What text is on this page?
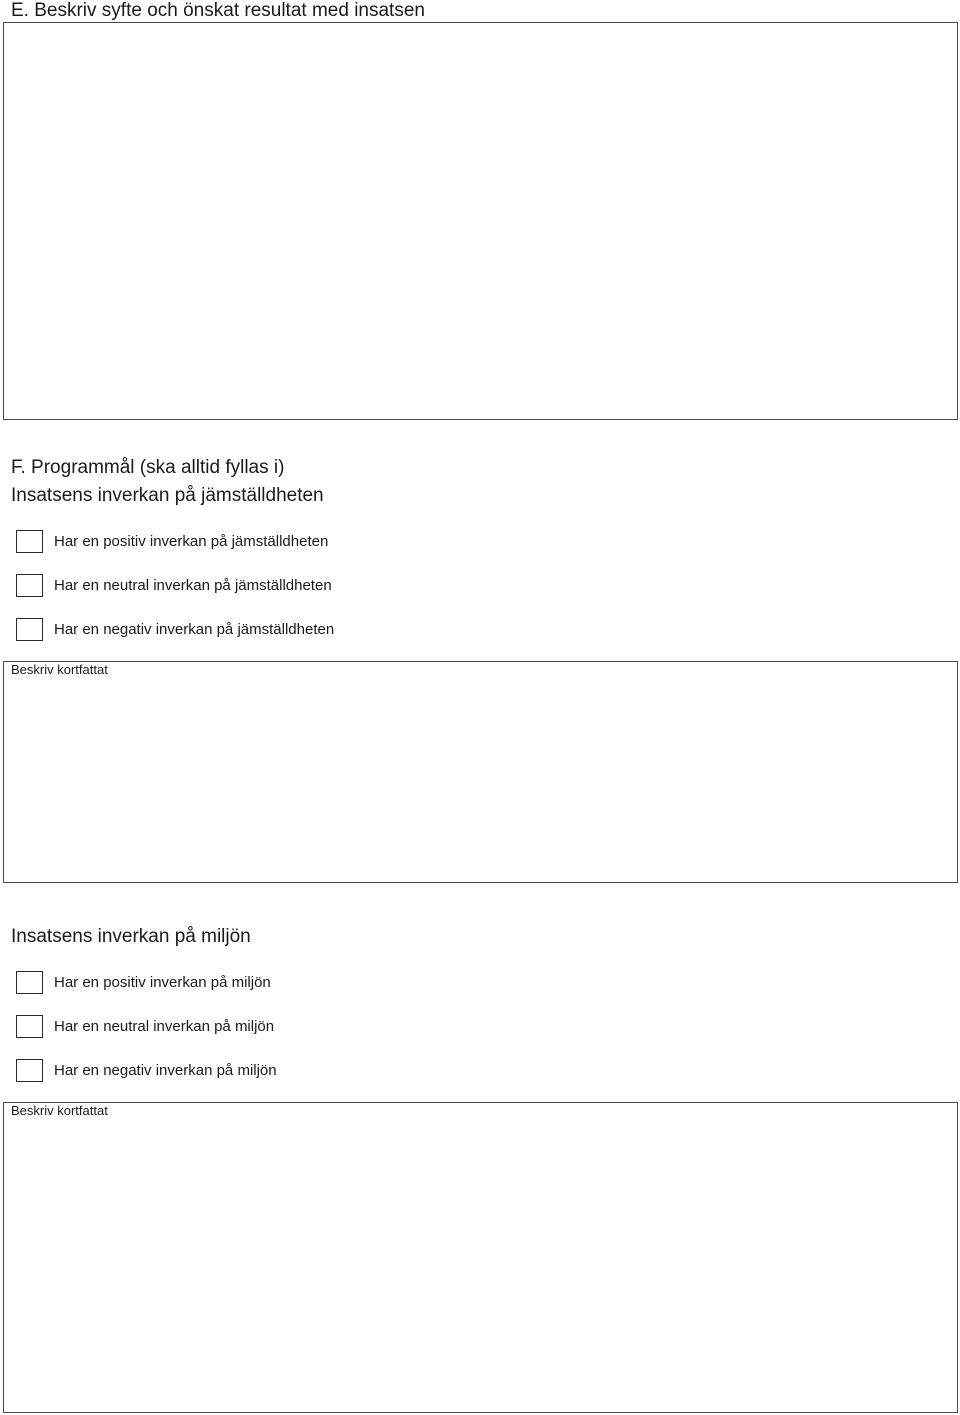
E. Beskriv syfte och önskat resultat med insatsen
F. Programmål (ska alltid fyllas i)
Insatsens inverkan på jämställdheten
Har en positiv inverkan på jämställdheten
Har en neutral inverkan på jämställdheten
Har en negativ inverkan på jämställdheten
Beskriv kortfattat
Insatsens inverkan på miljön
Har en positiv inverkan på miljön
Har en neutral inverkan på miljön
Har en negativ inverkan på miljön
Beskriv kortfattat
